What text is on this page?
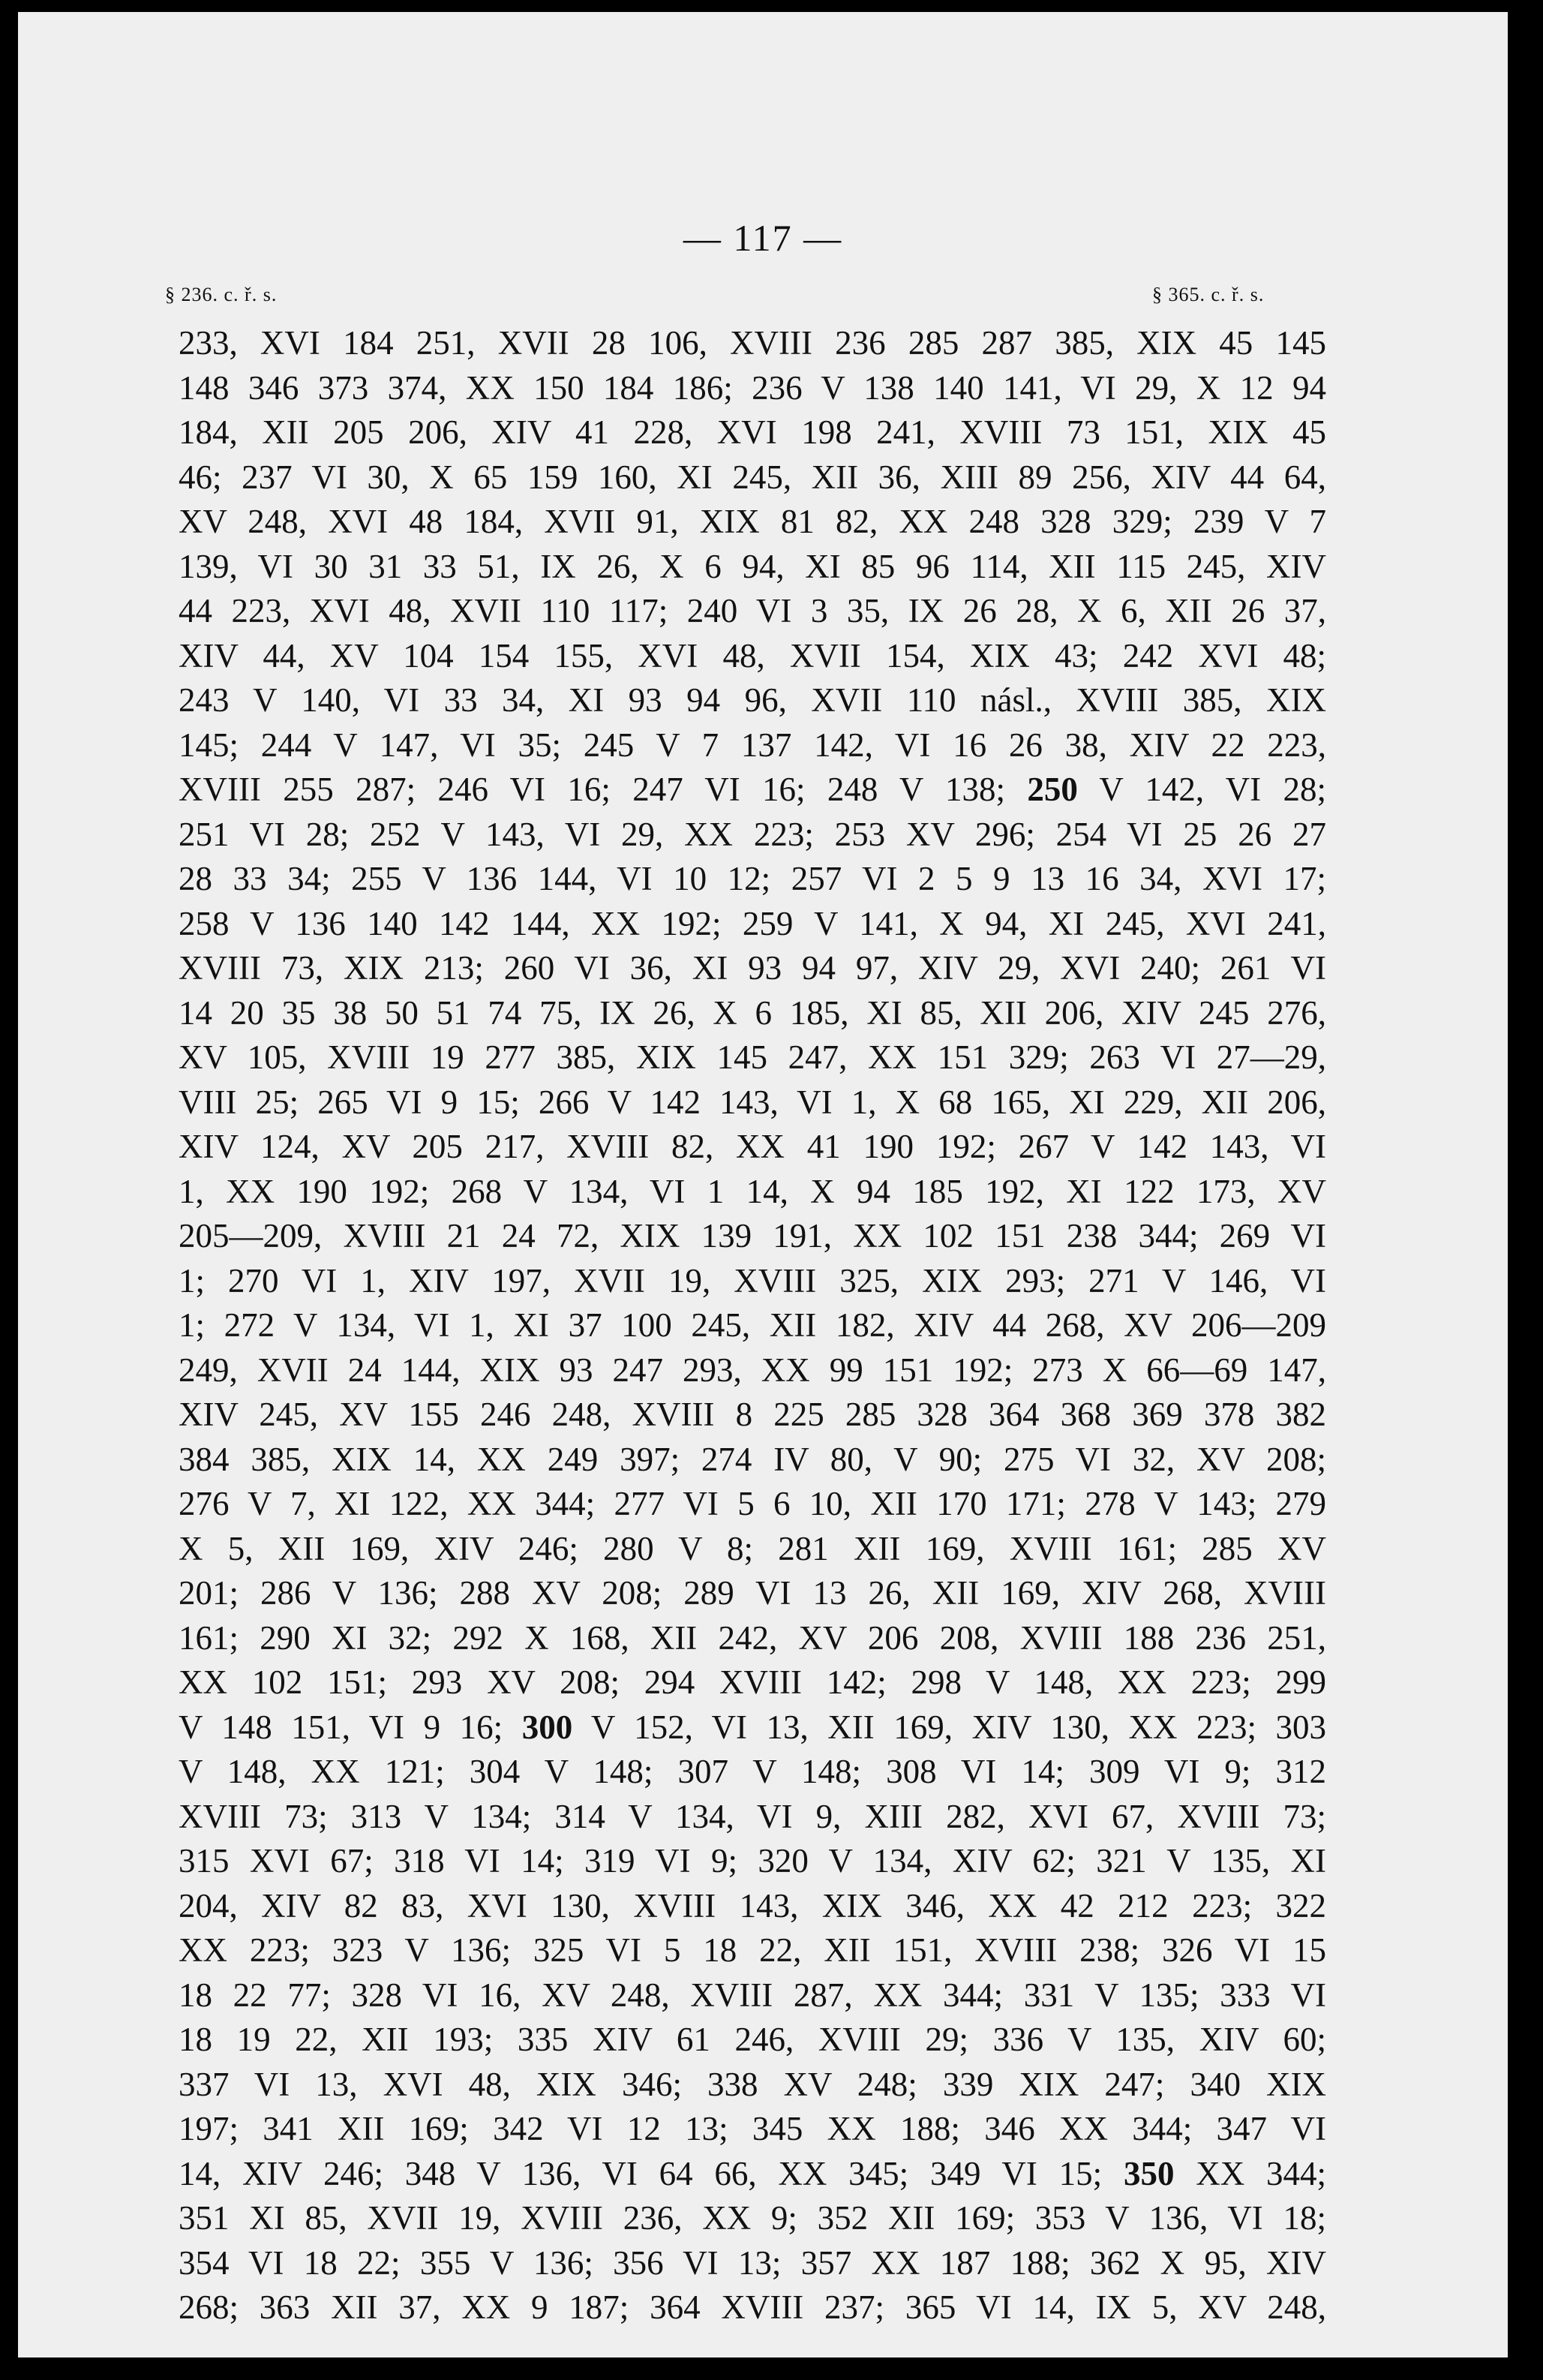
— 117 —
§ 236. c. ř. s.	§ 365. c. ř. s.
233, XVI 184 251, XVII 28 106, XVIII 236 285 287 385, XIX 45 145
148 346 373 374, XX 150 184 186; 236 V 138 140 141, VI 29, X 12 94
184, XII 205 206, XIV 41 228, XVI 198 241, XVIII 73 151, XIX 45
46; 237 VI 30, X 65 159 160, XI 245, XII 36, XIII 89 256, XIV 44 64,
XV 248, XVI 48 184, XVII 91, XIX 81 82, XX 248 328 329; 239 V 7
139, VI 30 31 33 51, IX 26, X 6 94, XI 85 96 114, XII 115 245, XIV
44 223, XVI 48, XVII 110 117; 240 VI 3 35, IX 26 28, X 6, XII 26 37,
XIV 44, XV 104 154 155, XVI 48, XVII 154, XIX 43; 242 XVI 48;
243 V 140, VI 33 34, XI 93 94 96, XVII 110 násl., XVIII 385, XIX
145; 244 V 147, VI 35; 245 V 7 137 142, VI 16 26 38, XIV 22 223,
XVIII 255 287; 246 VI 16; 247 VI 16; 248 V 138; 250 V 142, VI 28;
251 VI 28; 252 V 143, VI 29, XX 223; 253 XV 296; 254 VI 25 26 27
28 33 34; 255 V 136 144, VI 10 12; 257 VI 2 5 9 13 16 34, XVI 17;
258 V 136 140 142 144, XX 192; 259 V 141, X 94, XI 245, XVI 241,
XVIII 73, XIX 213; 260 VI 36, XI 93 94 97, XIV 29, XVI 240; 261 VI
14 20 35 38 50 51 74 75, IX 26, X 6 185, XI 85, XII 206, XIV 245 276,
XV 105, XVIII 19 277 385, XIX 145 247, XX 151 329; 263 VI 27—29,
VIII 25; 265 VI 9 15; 266 V 142 143, VI 1, X 68 165, XI 229, XII 206,
XIV 124, XV 205 217, XVIII 82, XX 41 190 192; 267 V 142 143, VI
1, XX 190 192; 268 V 134, VI 1 14, X 94 185 192, XI 122 173, XV
205—209, XVIII 21 24 72, XIX 139 191, XX 102 151 238 344; 269 VI
1; 270 VI 1, XIV 197, XVII 19, XVIII 325, XIX 293; 271 V 146, VI
1; 272 V 134, VI 1, XI 37 100 245, XII 182, XIV 44 268, XV 206—209
249, XVII 24 144, XIX 93 247 293, XX 99 151 192; 273 X 66—69 147,
XIV 245, XV 155 246 248, XVIII 8 225 285 328 364 368 369 378 382
384 385, XIX 14, XX 249 397; 274 IV 80, V 90; 275 VI 32, XV 208;
276 V 7, XI 122, XX 344; 277 VI 5 6 10, XII 170 171; 278 V 143; 279
X 5, XII 169, XIV 246; 280 V 8; 281 XII 169, XVIII 161; 285 XV
201; 286 V 136; 288 XV 208; 289 VI 13 26, XII 169, XIV 268, XVIII
161; 290 XI 32; 292 X 168, XII 242, XV 206 208, XVIII 188 236 251,
XX 102 151; 293 XV 208; 294 XVIII 142; 298 V 148, XX 223; 299
V 148 151, VI 9 16; 300 V 152, VI 13, XII 169, XIV 130, XX 223; 303
V 148, XX 121; 304 V 148; 307 V 148; 308 VI 14; 309 VI 9; 312
XVIII 73; 313 V 134; 314 V 134, VI 9, XIII 282, XVI 67, XVIII 73;
315 XVI 67; 318 VI 14; 319 VI 9; 320 V 134, XIV 62; 321 V 135, XI
204, XIV 82 83, XVI 130, XVIII 143, XIX 346, XX 42 212 223; 322
XX 223; 323 V 136; 325 VI 5 18 22, XII 151, XVIII 238; 326 VI 15
18 22 77; 328 VI 16, XV 248, XVIII 287, XX 344; 331 V 135; 333 VI
18 19 22, XII 193; 335 XIV 61 246, XVIII 29; 336 V 135, XIV 60;
337 VI 13, XVI 48, XIX 346; 338 XV 248; 339 XIX 247; 340 XIX
197; 341 XII 169; 342 VI 12 13; 345 XX 188; 346 XX 344; 347 VI
14, XIV 246; 348 V 136, VI 64 66, XX 345; 349 VI 15; 350 XX 344;
351 XI 85, XVII 19, XVIII 236, XX 9; 352 XII 169; 353 V 136, VI 18;
354 VI 18 22; 355 V 136; 356 VI 13; 357 XX 187 188; 362 X 95, XIV
268; 363 XII 37, XX 9 187; 364 XVIII 237; 365 VI 14, IX 5, XV 248,
